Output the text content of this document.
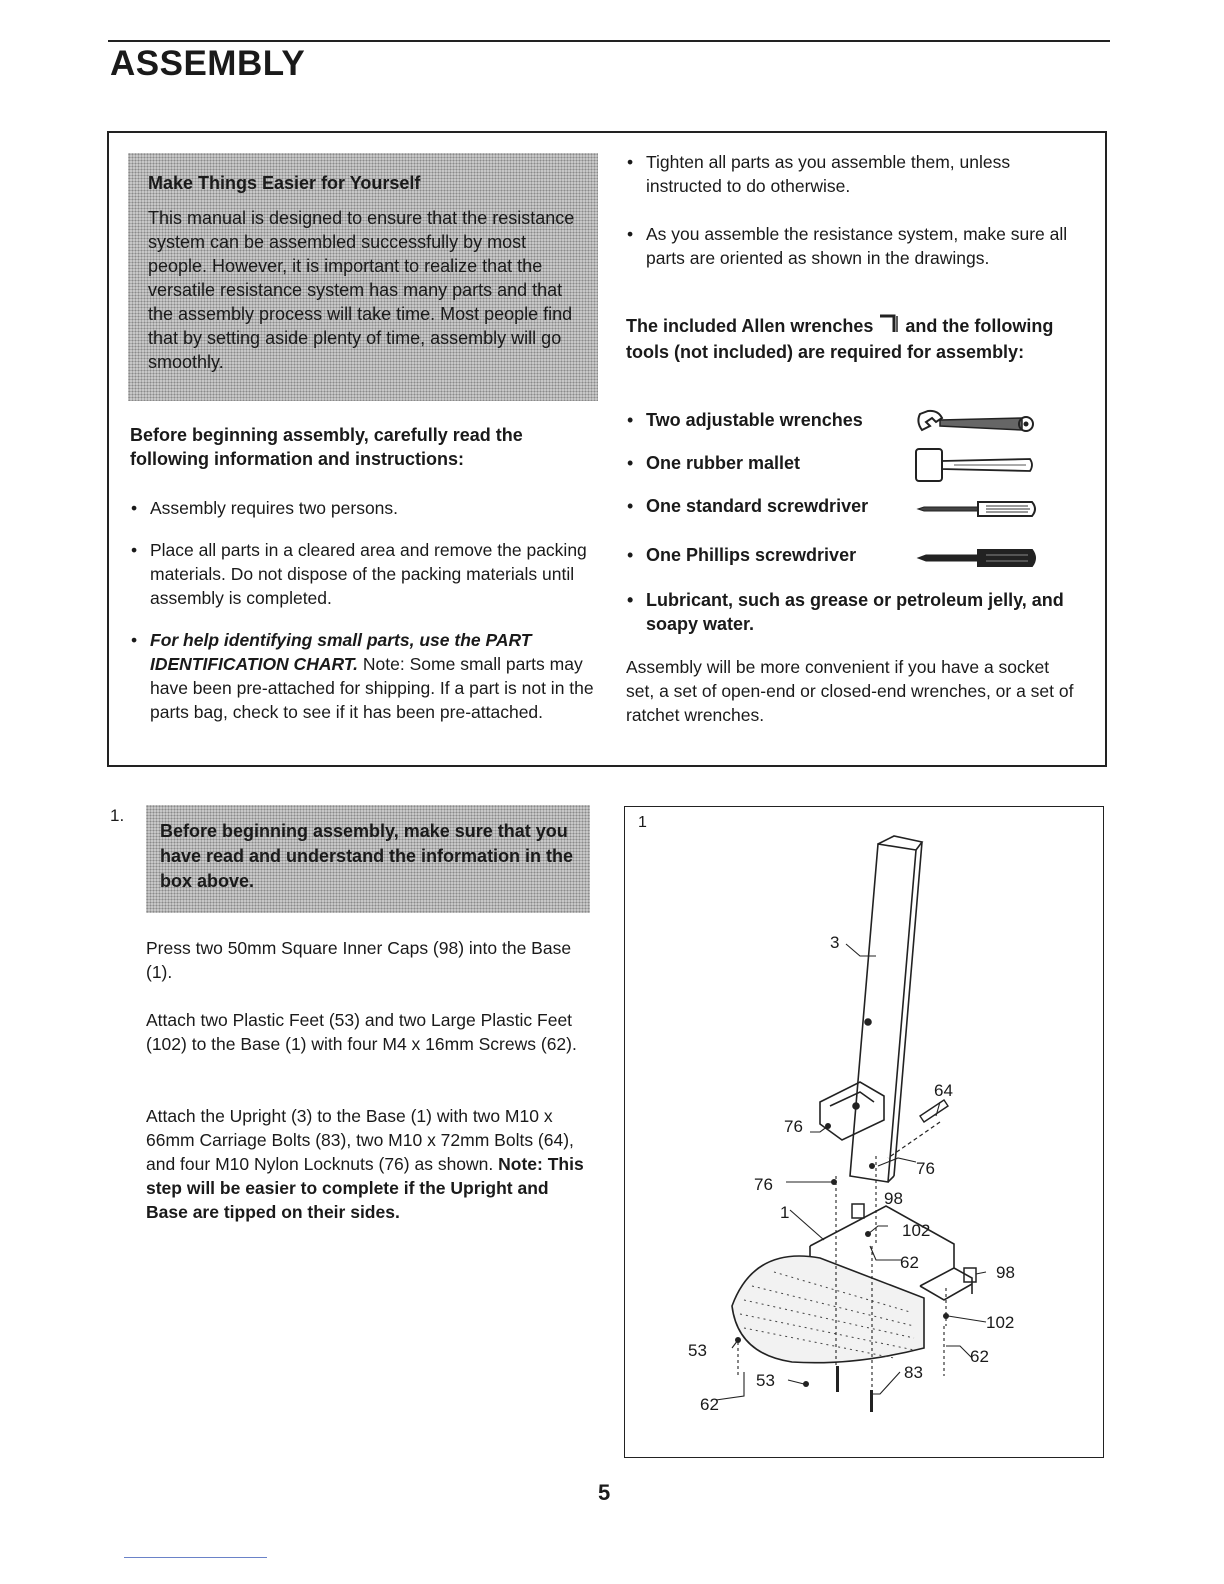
ASSEMBLY
Make Things Easier for Yourself

This manual is designed to ensure that the resistance system can be assembled successfully by most people. However, it is important to realize that the versatile resistance system has many parts and that the assembly process will take time. Most people find that by setting aside plenty of time, assembly will go smoothly.

Before beginning assembly, carefully read the following information and instructions:

• Assembly requires two persons.
• Place all parts in a cleared area and remove the packing materials. Do not dispose of the packing materials until assembly is completed.
• For help identifying small parts, use the PART IDENTIFICATION CHART. Note: Some small parts may have been pre-attached for shipping. If a part is not in the parts bag, check to see if it has been pre-attached.
• Tighten all parts as you assemble them, unless instructed to do otherwise.
• As you assemble the resistance system, make sure all parts are oriented as shown in the drawings.

The included Allen wrenches and the following tools (not included) are required for assembly:

• Two adjustable wrenches
• One rubber mallet
• One standard screwdriver
• One Phillips screwdriver
• Lubricant, such as grease or petroleum jelly, and soapy water.

Assembly will be more convenient if you have a socket set, a set of open-end or closed-end wrenches, or a set of ratchet wrenches.

1.

Before beginning assembly, make sure that you have read and understand the information in the box above.

Press two 50mm Square Inner Caps (98) into the Base (1).

Attach two Plastic Feet (53) and two Large Plastic Feet (102) to the Base (1) with four M4 x 16mm Screws (62).

Attach the Upright (3) to the Base (1) with two M10 x 66mm Carriage Bolts (83), two M10 x 72mm Bolts (64), and four M10 Nylon Locknuts (76) as shown. Note: This step will be easier to complete if the Upright and Base are tipped on their sides.

1
3
64
76
76
76
1
98
102
62
98
102
62
53
53
62
83
5
